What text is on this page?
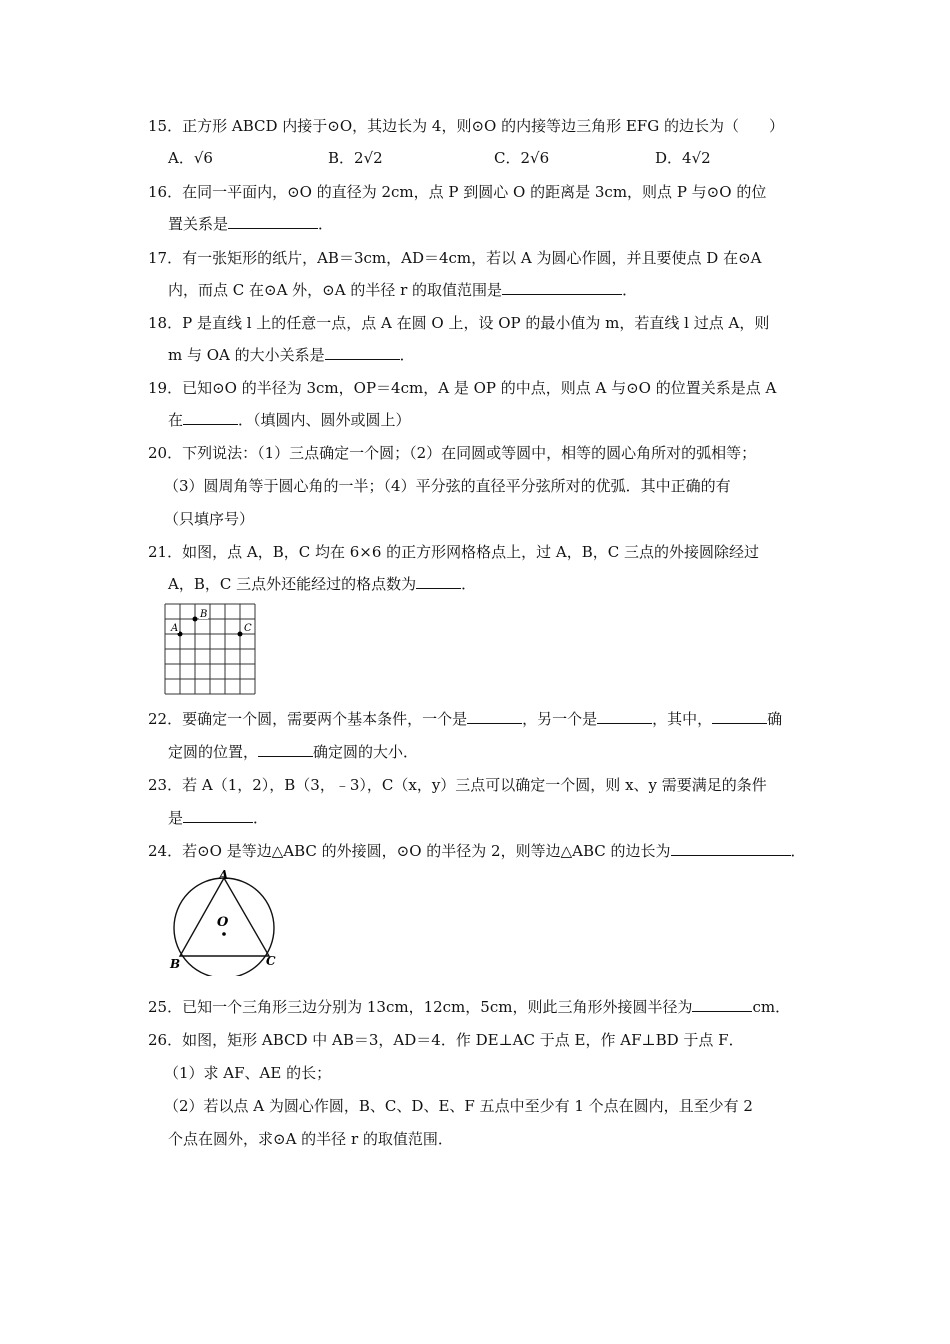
15．正方形 ABCD 内接于⊙O，其边长为 4，则⊙O 的内接等边三角形 EFG 的边长为（　　）
A．√6	B．2√2	C．2√6	D．4√2
16．在同一平面内，⊙O 的直径为 2cm，点 P 到圆心 O 的距离是 3cm，则点 P 与⊙O 的位
置关系是	．
17．有一张矩形的纸片，AB＝3cm，AD＝4cm，若以 A 为圆心作圆，并且要使点 D 在⊙A
内，而点 C 在⊙A 外，⊙A 的半径 r 的取值范围是	．
18．P 是直线 l 上的任意一点，点 A 在圆 O 上，设 OP 的最小值为 m，若直线 l 过点 A，则
m 与 OA 的大小关系是	．
19．已知⊙O 的半径为 3cm，OP＝4cm，A 是 OP 的中点，则点 A 与⊙O 的位置关系是点 A
在	．（填圆内、圆外或圆上）
20．下列说法：（1）三点确定一个圆；（2）在同圆或等圆中，相等的圆心角所对的弧相等；
（3）圆周角等于圆心角的一半；（4）平分弦的直径平分弦所对的优弧．其中正确的有
（只填序号）
21．如图，点 A，B，C 均在 6×6 的正方形网格格点上，过 A，B，C 三点的外接圆除经过
A，B，C 三点外还能经过的格点数为	．
A
B
C
22．要确定一个圆，需要两个基本条件，一个是	，另一个是	，其中，	确
定圆的位置，	确定圆的大小．
23．若 A（1，2），B（3，﹣3），C（x，y）三点可以确定一个圆，则 x、y 需要满足的条件
是	．
24．若⊙O 是等边△ABC 的外接圆，⊙O 的半径为 2，则等边△ABC 的边长为	．
O
A
B	C
25．已知一个三角形三边分别为 13cm，12cm，5cm，则此三角形外接圆半径为	cm．
26．如图，矩形 ABCD 中 AB＝3，AD＝4．作 DE⊥AC 于点 E，作 AF⊥BD 于点 F．
（1）求 AF、AE 的长；
（2）若以点 A 为圆心作圆，B、C、D、E、F 五点中至少有 1 个点在圆内，且至少有 2
个点在圆外，求⊙A 的半径 r 的取值范围．
